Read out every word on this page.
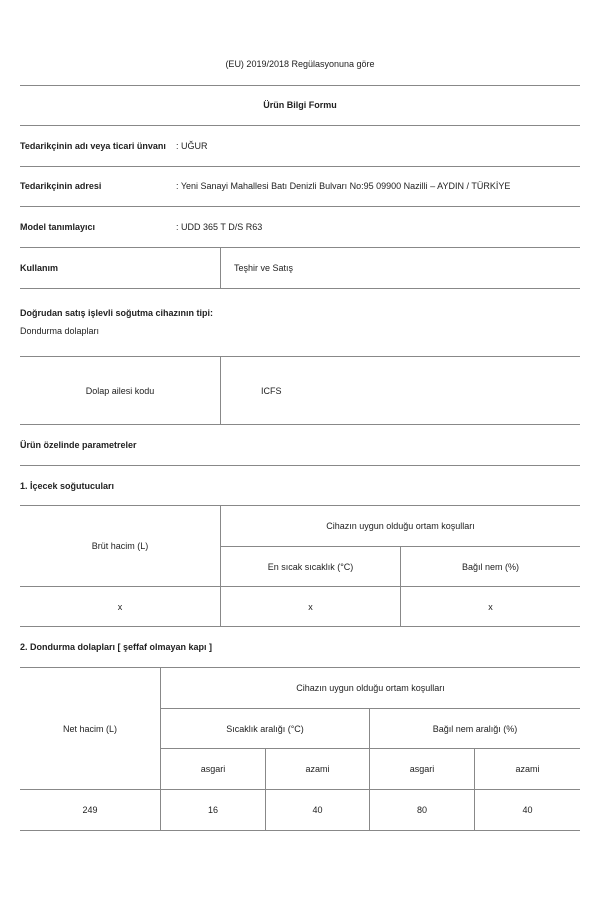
(EU) 2019/2018 Regülasyonuna göre
Ürün Bilgi Formu
Tedarikçinin adı veya ticari ünvanı : UĞUR
Tedarikçinin adresi	: Yeni Sanayi Mahallesi Batı Denizli Bulvarı No:95 09900 Nazilli – AYDIN / TÜRKİYE
Model tanımlayıcı	: UDD 365 T D/S R63
Kullanım	Teşhir ve Satış
Doğrudan satış işlevli soğutma cihazının tipi:
Dondurma dolapları
Dolap ailesi kodu	ICFS
Ürün özelinde parametreler
1. İçecek soğutucuları
Brüt hacim (L)
Cihazın uygun olduğu ortam koşulları
En sıcak sıcaklık (°C)	Bağıl nem (%)
x	x	x
2. Dondurma dolapları [ şeffaf olmayan kapı ]
Net hacim (L)
Cihazın uygun olduğu ortam koşulları
Sıcaklık aralığı (°C)	Bağıl nem aralığı (%)
asgari	azami	asgari	azami
249	16	40	80	40
